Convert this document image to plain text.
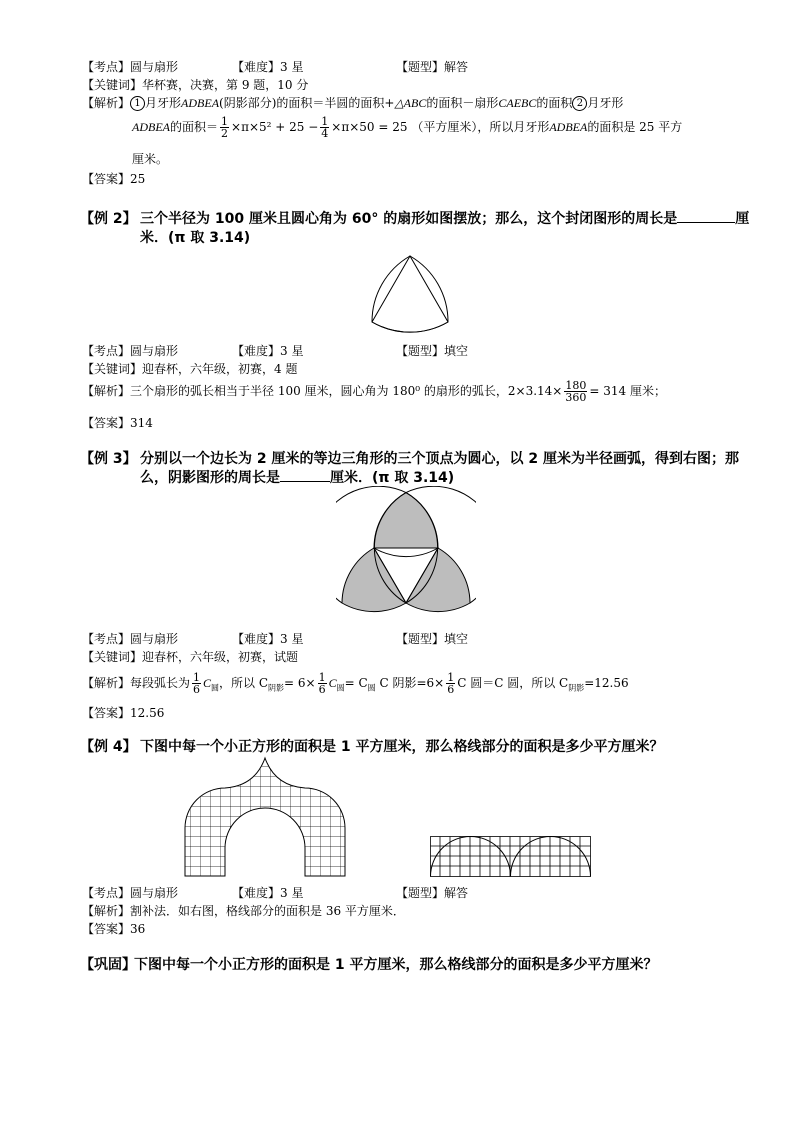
【考点】圆与扇形	【难度】3 星	【题型】解答
【关键词】华杯赛，决赛，第 9 题，10 分
【解析】 1 月牙形ADBEA(阴影部分)的面积＝半圆的面积+△ABC的面积－扇形CAEBC的面积 2 月牙形
ADBEA的面积＝ $\frac{1}{2} \times\pi\times 5^2 + 25 - \frac{1}{4} \times\pi\times 50 = 25$ （平方厘米），所以月牙形ADBEA的面积是 25 平方
厘米。
【答案】25
【例 2】 三个半径为 100 厘米且圆心角为 60° 的扇形如图摆放；那么，这个封闭图形的周长是	厘
米．(π 取 3.14)
【考点】圆与扇形	【难度】3 星	【题型】填空
【关键词】迎春杯，六年级，初赛，4 题
【解析】三个扇形的弧长相当于半径 100 厘米，圆心角为 180⁰ 的扇形的弧长，$2\times 3.14\times \frac{180}{360} = 314$ 厘米；
【答案】314
【例 3】 分别以一个边长为 2 厘米的等边三角形的三个顶点为圆心，以 2 厘米为半径画弧，得到右图；那
么，阴影图形的周长是	厘米．(π 取 3.14)
【考点】圆与扇形	【难度】3 星	【题型】填空
【关键词】迎春杯，六年级，初赛，试题
【解析】每段弧长为 $\frac{1}{6} C_圆$，所以 $C_{阴影}= 6\times \frac{1}{6} C_圆= C_圆$ C 阴影$=6\times \frac{1}{6}$ C 圆＝C 圆，所以 $C_{阴影}=12.56$
【答案】12.56
【例 4】 下图中每一个小正方形的面积是 1 平方厘米，那么格线部分的面积是多少平方厘米？
【考点】圆与扇形	【难度】3 星	【题型】解答
【解析】割补法．如右图，格线部分的面积是 36 平方厘米．
【答案】36
【巩固】
下图中每一个小正方形的面积是 1 平方厘米，那么格线部分的面积是多少平方厘米？
